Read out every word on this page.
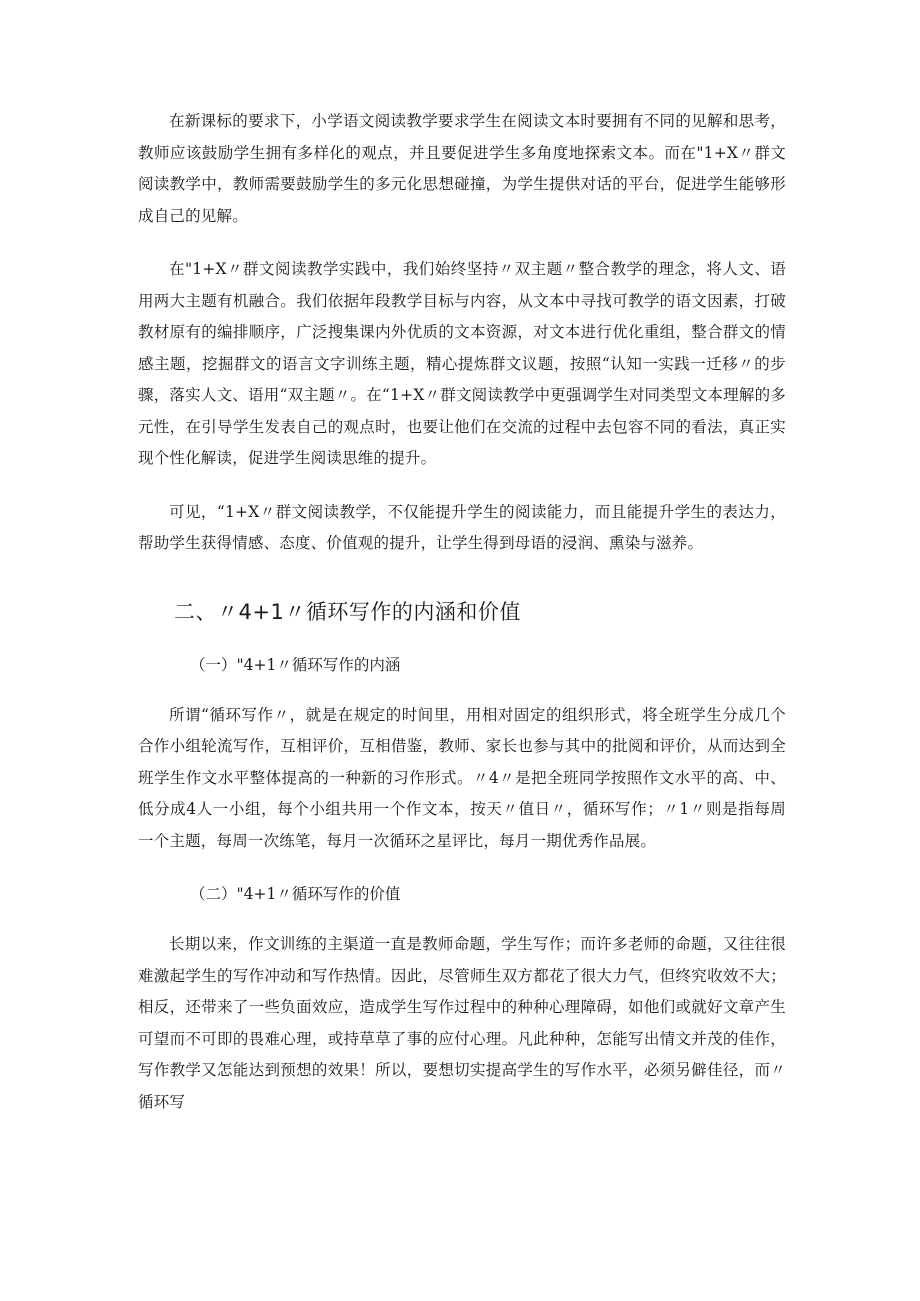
在新课标的要求下，小学语文阅读教学要求学生在阅读文本时要拥有不同的见解和思考，教师应该鼓励学生拥有多样化的观点，并且要促进学生多角度地探索文本。而在"1+X〃群文阅读教学中，教师需要鼓励学生的多元化思想碰撞，为学生提供对话的平台，促进学生能够形成自己的见解。

在"1+X〃群文阅读教学实践中，我们始终坚持〃双主题〃整合教学的理念，将人文、语用两大主题有机融合。我们依据年段教学目标与内容，从文本中寻找可教学的语文因素，打破教材原有的编排顺序，广泛搜集课内外优质的文本资源，对文本进行优化重组，整合群文的情感主题，挖掘群文的语言文字训练主题，精心提炼群文议题，按照“认知一实践一迁移〃的步骤，落实人文、语用“双主题〃。在“1+X〃群文阅读教学中更强调学生对同类型文本理解的多元性，在引导学生发表自己的观点时，也要让他们在交流的过程中去包容不同的看法，真正实现个性化解读，促进学生阅读思维的提升。

可见，“1+X〃群文阅读教学，不仅能提升学生的阅读能力，而且能提升学生的表达力，帮助学生获得情感、态度、价值观的提升，让学生得到母语的浸润、熏染与滋养。

二、〃4+1〃循环写作的内涵和价值
（一）"4+1〃循环写作的内涵

所谓“循环写作〃，就是在规定的时间里，用相对固定的组织形式，将全班学生分成几个合作小组轮流写作，互相评价，互相借鉴，教师、家长也参与其中的批阅和评价，从而达到全班学生作文水平整体提高的一种新的习作形式。〃4〃是把全班同学按照作文水平的高、中、低分成4人一小组，每个小组共用一个作文本，按天〃值日〃，循环写作；〃1〃则是指每周一个主题，每周一次练笔，每月一次循环之星评比，每月一期优秀作品展。

（二）"4+1〃循环写作的价值

长期以来，作文训练的主渠道一直是教师命题，学生写作；而许多老师的命题，又往往很难激起学生的写作冲动和写作热情。因此，尽管师生双方都花了很大力气，但终究收效不大；相反，还带来了一些负面效应，造成学生写作过程中的种种心理障碍，如他们或就好文章产生可望而不可即的畏难心理，或持草草了事的应付心理。凡此种种，怎能写出情文并茂的佳作，写作教学又怎能达到预想的效果！所以，要想切实提高学生的写作水平，必须另僻佳径，而〃循环写
